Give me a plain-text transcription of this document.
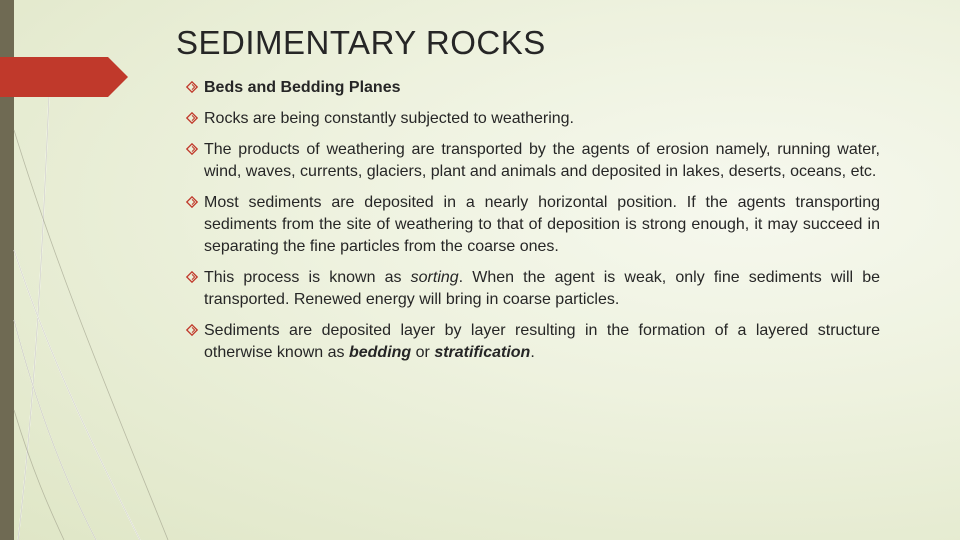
SEDIMENTARY ROCKS
Beds and Bedding Planes
Rocks are being constantly subjected to weathering.
The products of weathering are transported by the agents of erosion namely, running water, wind, waves, currents, glaciers, plant and animals and deposited in lakes, deserts, oceans, etc.
Most sediments are deposited in a nearly horizontal position. If the agents transporting sediments from the site of weathering to that of deposition is strong enough, it may succeed in separating the fine particles from the coarse ones.
This process is known as sorting. When the agent is weak, only fine sediments will be transported. Renewed energy will bring in coarse particles.
Sediments are deposited layer by layer resulting in the formation of a layered structure otherwise known as bedding or stratification.
